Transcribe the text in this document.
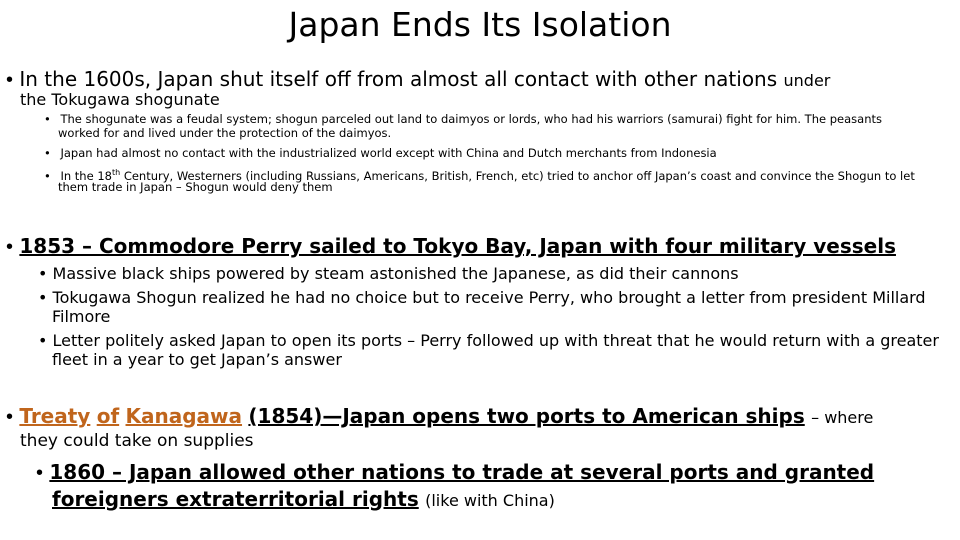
Japan Ends Its Isolation
• In the 1600s, Japan shut itself off from almost all contact with other nations under
the Tokugawa shogunate
• The shogunate was a feudal system; shogun parceled out land to daimyos or lords, who had his warriors (samurai) fight for him. The peasants
worked for and lived under the protection of the daimyos.
• Japan had almost no contact with the industrialized world except with China and Dutch merchants from Indonesia
• In the 18th Century, Westerners (including Russians, Americans, British, French, etc) tried to anchor off Japan’s coast and convince the Shogun to let
them trade in Japan – Shogun would deny them
• 1853 – Commodore Perry sailed to Tokyo Bay, Japan with four military vessels
• Massive black ships powered by steam astonished the Japanese, as did their cannons
• Tokugawa Shogun realized he had no choice but to receive Perry, who brought a letter from president Millard
Filmore
• Letter politely asked Japan to open its ports – Perry followed up with threat that he would return with a greater
fleet in a year to get Japan’s answer
• Treaty of Kanagawa (1854)—Japan opens two ports to American ships – where
they could take on supplies
• 1860 – Japan allowed other nations to trade at several ports and granted
foreigners extraterritorial rights (like with China)
